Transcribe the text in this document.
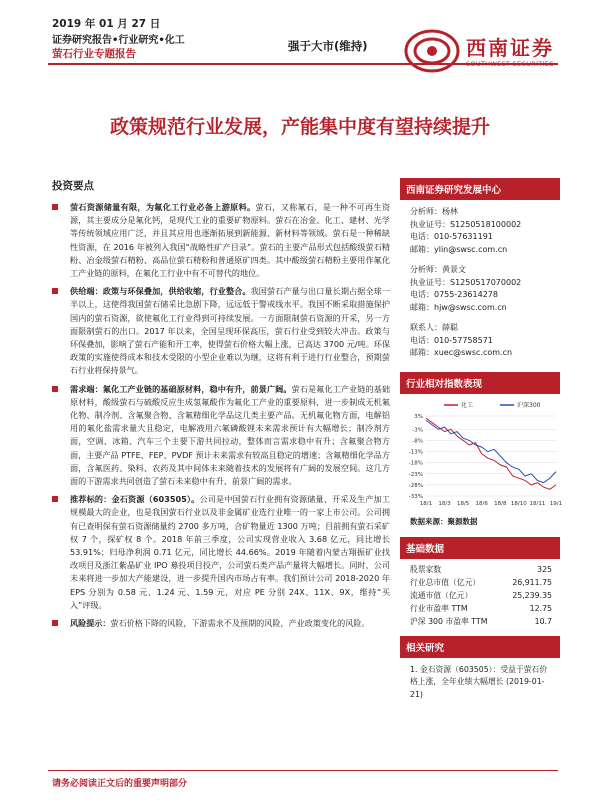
2019 年 01 月 27 日
证券研究报告•行业研究•化工
萤石行业专题报告
强于大市(维持)	西南证券
政策规范行业发展，产能集中度有望持续提升
投资要点
萤石资源储量有限，为氟化工行业必备上游原料。萤石，又称氟石，是一种不可再生资源，其主要成分是氟化钙，是现代工业的重要矿物原料。萤石在冶金、化工、建材、光学等传统领域应用广泛，并且其应用也逐渐拓展到新能源、新材料等领域。萤石是一种稀缺性资源，在 2016 年被列入我国“战略性矿产目录”。萤石的主要产品形式包括酸级萤石精粉、冶金级萤石精粉、高品位萤石精粉和普通原矿四类。其中酸级萤石精粉主要用作氟化工产业链的原料，在氟化工行业中有不可替代的地位。
供给端：政策与环保叠加，供给收缩，行业整合。我国萤石产量与出口量长期占据全球一半以上，这使得我国萤石储采比急剧下降，远远低于警戒线水平。我国不断采取措施保护国内的萤石资源，欲使氟化工行业得到可持续发展。一方面限制萤石资源的开采，另一方面限制萤石的出口。2017 年以来，全国呈现环保高压，萤石行业受到较大冲击。政策与环保叠加，影响了萤石产能和开工率，使得萤石价格大幅上涨，已高达 3700 元/吨。环保政策的实施使得成本和技术受限的小型企业难以为继，这将有利于进行行业整合，预期萤石行业将保持景气。
需求端：氟化工产业链的基础原材料，稳中有升，前景广阔。萤石是氟化工产业链的基础原材料，酸级萤石与硫酸反应生成氢氟酸作为氟化工产业的重要原料，进一步制成无机氟化物、制冷剂、含氟聚合物、含氟精细化学品这几类主要产品。无机氟化物方面，电解铝用的氟化盐需求量大且稳定，电解液用六氟磷酸锂未来需求预计有大幅增长；制冷剂方面，空调、冰箱、汽车三个主要下游共同拉动，整体而言需求稳中有升；含氟聚合物方面，主要产品 PTFE、FEP、PVDF 预计未来需求有较高且稳定的增速；含氟精细化学品方面，含氟医药、染料、农药及其中间体未来随着技术的发展将有广阔的发展空间。这几方面的下游需求共同创造了萤石未来稳中有升、前景广阔的需求。
推荐标的：金石资源（603505）。公司是中国萤石行业拥有资源储量、开采及生产加工规模最大的企业，也是我国萤石行业以及非金属矿业选行业唯一的一家上市公司。公司拥有已查明保有萤石资源储量约 2700 多万吨，合矿物量近 1300 万吨；目前拥有萤石采矿权 7 个，探矿权 8 个。2018 年前三季度，公司实现营业收入 3.68 亿元，同比增长 53.91%；归母净利润 0.71 亿元，同比增长 44.66%。2019 年随着内蒙古翔振矿业找改项目及浙江紫晶矿业 IPO 募投项目投产，公司萤石类产品产量将大幅增长。同时，公司未来将进一步加大产能建设，进一步提升国内市场占有率。我们预计公司 2018-2020 年 EPS 分别为 0.58 元、1.24 元、1.59 元，对应 PE 分别 24X、11X、9X，维持“买入”评级。
风险提示：萤石价格下降的风险，下游需求不及预期的风险，产业政策变化的风险。
西南证券研究发展中心
分析师：杨林
执业证号：S1250518100002
电话：010-57631191
邮箱：ylin@swsc.com.cn
分析师：黄景文
执业证号：S1250517070002
电话：0755-23614278
邮箱：hjw@swsc.com.cn
联系人：薛聪
电话：010-57758571
邮箱：xuec@swsc.com.cn
行业相对指数表现
3%
-3%
-8%
-13%
-18%
-23%
-28%
-33%
18/1 18/3 18/5 18/6 18/8 18/10 18/11 19/1
化工	沪深300
数据来源：聚源数据
基础数据
股票家数	325
行业总市值（亿元）	26,911.75
流通市值（亿元）	25,239.35
行业市盈率 TTM	12.75
沪深 300 市盈率 TTM	10.7
相关研究
1. 金石资源（603505）：受益于萤石价格上涨，全年业绩大幅增长 (2019-01-21)
请务必阅读正文后的重要声明部分
